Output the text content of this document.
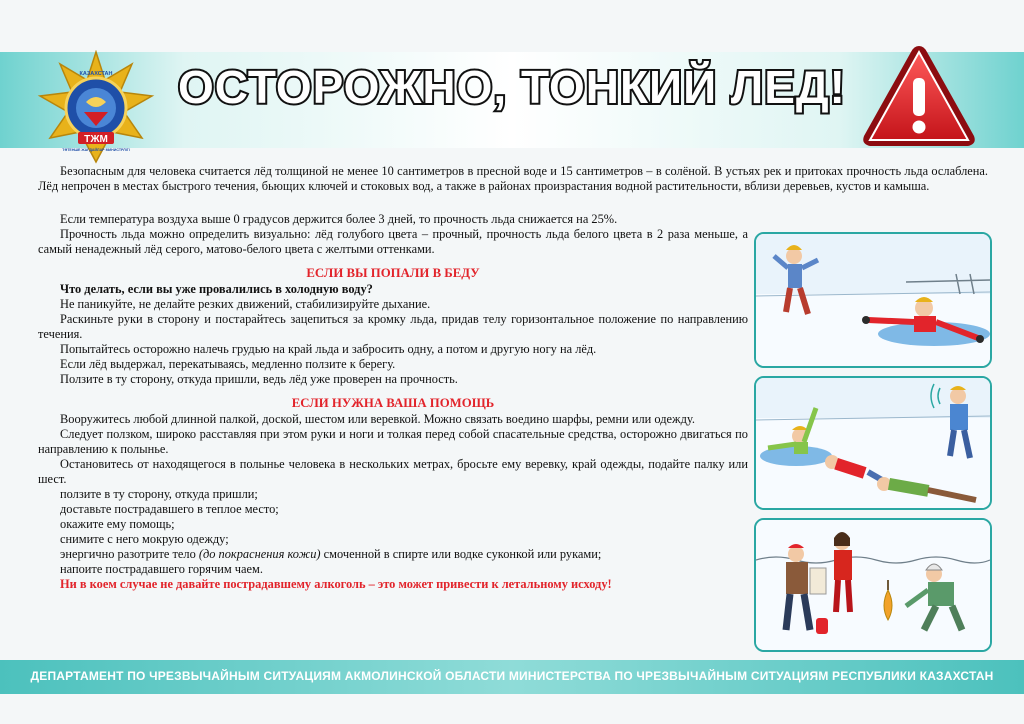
ТЖМ
КАЗАХСТАН
ТӨТЕНШЕ ЖАҒДАЙЛАР МИНИСТРЛІГІ
ОСТОРОЖНО, ТОНКИЙ ЛЕД!

Безопасным для человека считается лёд толщиной не менее 10 сантиметров в пресной воде и 15 сантиметров – в солёной. В устьях рек и притоках прочность льда ослаблена. Лёд непрочен в местах быстрого течения, бьющих ключей и стоковых вод, а также в районах произрастания водной растительности, вблизи деревьев, кустов и камыша.

Если температура воздуха выше 0 градусов держится более 3 дней, то прочность льда снижается на 25%.

Прочность льда можно определить визуально: лёд голубого цвета – прочный, прочность льда белого цвета в 2 раза меньше, а самый ненадежный лёд серого, матово-белого цвета с желтыми оттенками.

ЕСЛИ ВЫ ПОПАЛИ В БЕДУ

Что делать, если вы уже провалились в холодную воду?

Не паникуйте, не делайте резких движений, стабилизируйте дыхание.

Раскиньте руки в сторону и постарайтесь зацепиться за кромку льда, придав телу горизонтальное положение по направлению течения.

Попытайтесь осторожно налечь грудью на край льда и забросить одну, а потом и другую ногу на лёд.

Если лёд выдержал, перекатываясь, медленно ползите к берегу.

Ползите в ту сторону, откуда пришли, ведь лёд уже проверен на прочность.

ЕСЛИ НУЖНА ВАША ПОМОЩЬ

Вооружитесь любой длинной палкой, доской, шестом или веревкой. Можно связать воедино шарфы, ремни или одежду.

Следует ползком, широко расставляя при этом руки и ноги и толкая перед собой спасательные средства, осторожно двигаться по направлению к полынье.

Остановитесь от находящегося в полынье человека в нескольких метрах, бросьте ему веревку, край одежды, подайте палку или шест.

ползите в ту сторону, откуда пришли;

доставьте пострадавшего в теплое место;

окажите ему помощь;

снимите с него мокрую одежду;

энергично разотрите тело (до покраснения кожи) смоченной в спирте или водке суконкой или руками;

напоите пострадавшего горячим чаем.

Ни в коем случае не давайте пострадавшему алкоголь – это может привести к летальному исходу!

ДЕПАРТАМЕНТ ПО ЧРЕЗВЫЧАЙНЫМ СИТУАЦИЯМ АКМОЛИНСКОЙ ОБЛАСТИ МИНИСТЕРСТВА ПО ЧРЕЗВЫЧАЙНЫМ СИТУАЦИЯМ РЕСПУБЛИКИ КАЗАХСТАН
